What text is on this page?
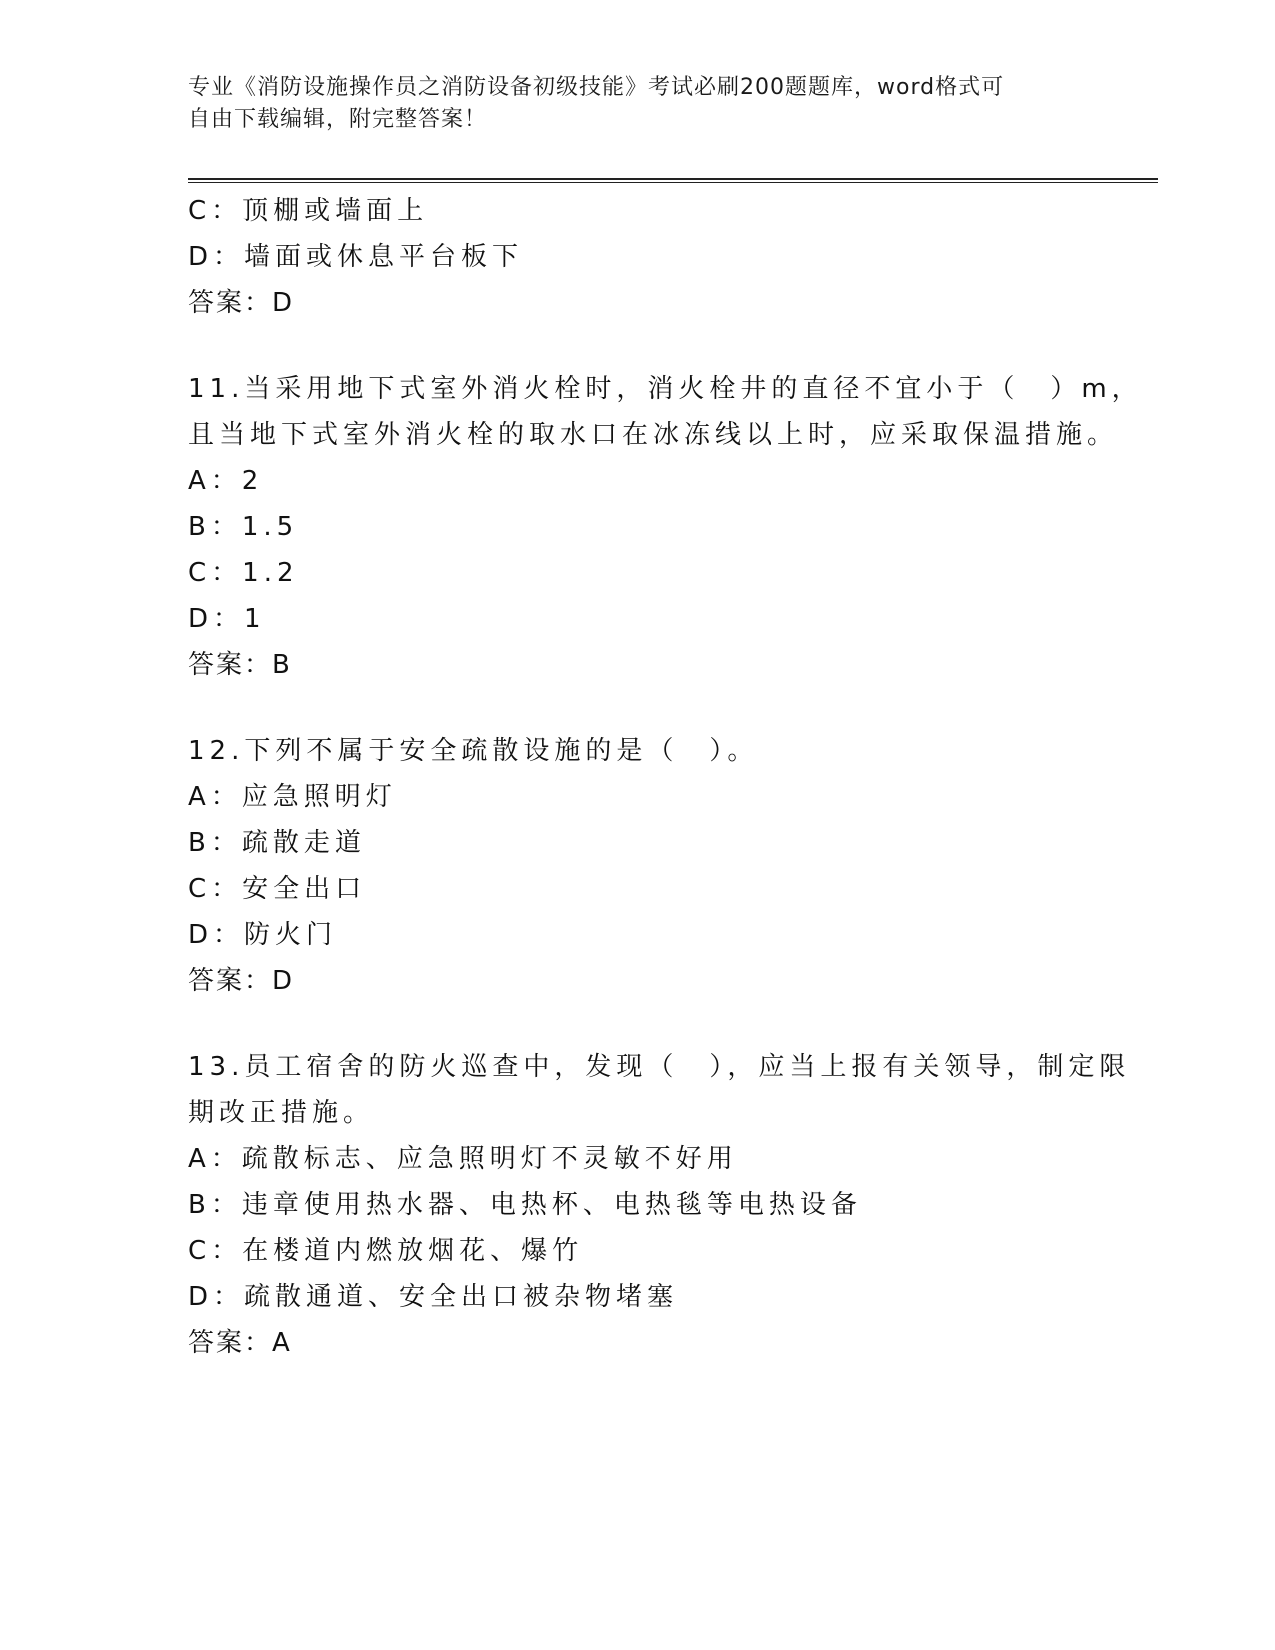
专业《消防设施操作员之消防设备初级技能》考试必刷200题题库，word格式可
自由下载编辑，附完整答案！
C：顶棚或墙面上
D：墙面或休息平台板下
答案：D
11.当采用地下式室外消火栓时，消火栓井的直径不宜小于（　）m，
且当地下式室外消火栓的取水口在冰冻线以上时，应采取保温措施。
A：2
B：1.5
C：1.2
D：1
答案：B
12.下列不属于安全疏散设施的是（　）。
A：应急照明灯
B：疏散走道
C：安全出口
D：防火门
答案：D
13.员工宿舍的防火巡查中，发现（　），应当上报有关领导，制定限
期改正措施。
A：疏散标志、应急照明灯不灵敏不好用
B：违章使用热水器、电热杯、电热毯等电热设备
C：在楼道内燃放烟花、爆竹
D：疏散通道、安全出口被杂物堵塞
答案：A
